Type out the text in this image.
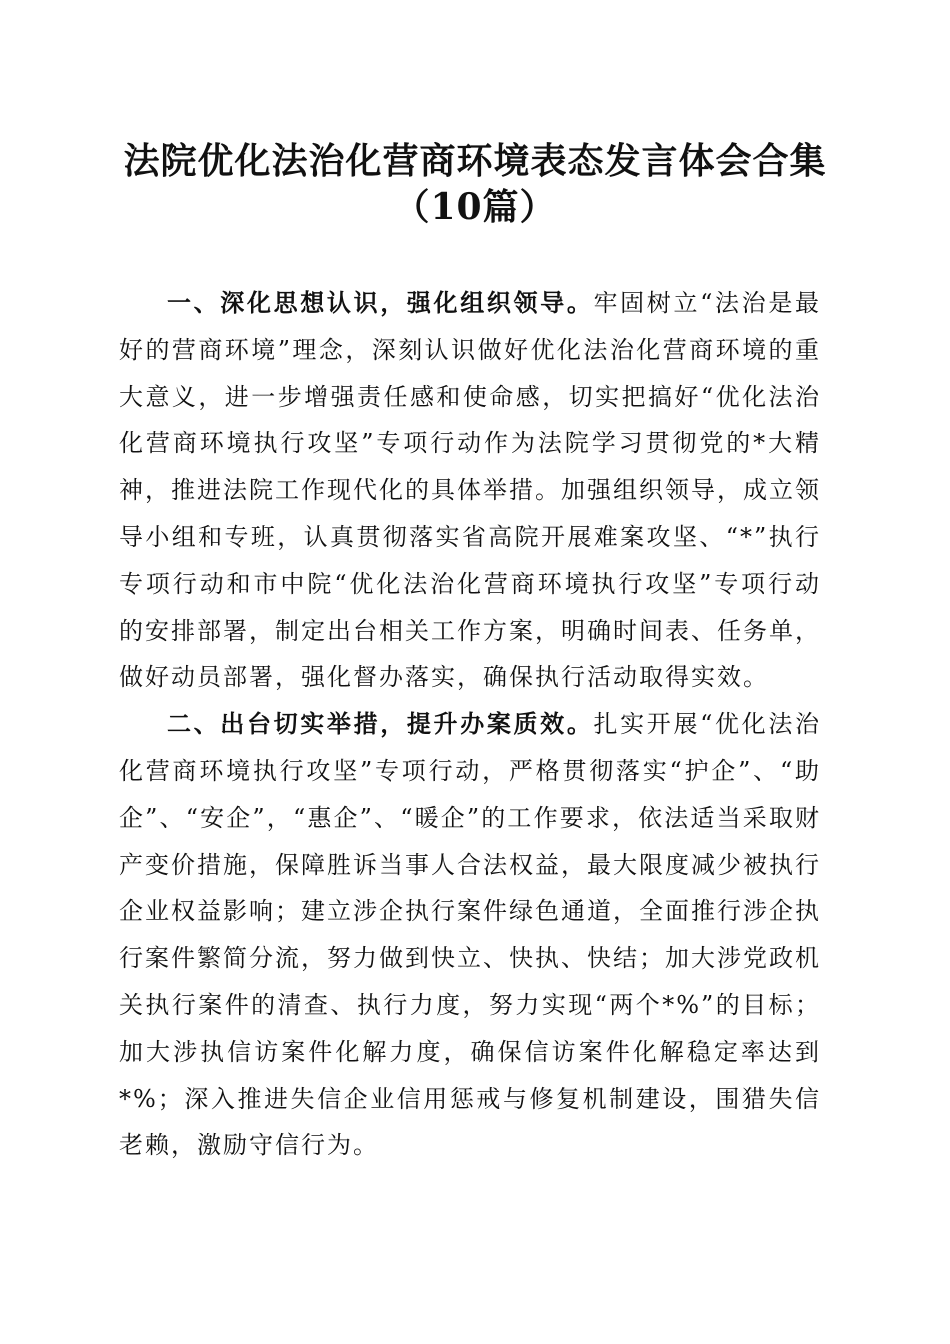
法院优化法治化营商环境表态发言体会合集
（10篇）

一、深化思想认识，强化组织领导。牢固树立“法治是最好的营商环境”理念，深刻认识做好优化法治化营商环境的重大意义，进一步增强责任感和使命感，切实把搞好“优化法治化营商环境执行攻坚”专项行动作为法院学习贯彻党的*大精神，推进法院工作现代化的具体举措。加强组织领导，成立领导小组和专班，认真贯彻落实省高院开展难案攻坚、“*”执行专项行动和市中院“优化法治化营商环境执行攻坚”专项行动的安排部署，制定出台相关工作方案，明确时间表、任务单，做好动员部署，强化督办落实，确保执行活动取得实效。

二、出台切实举措，提升办案质效。扎实开展“优化法治化营商环境执行攻坚”专项行动，严格贯彻落实“护企”、“助企”、“安企”，“惠企”、“暖企”的工作要求，依法适当采取财产变价措施，保障胜诉当事人合法权益，最大限度减少被执行企业权益影响；建立涉企执行案件绿色通道，全面推行涉企执行案件繁简分流，努力做到快立、快执、快结；加大涉党政机关执行案件的清查、执行力度，努力实现“两个*%”的目标；加大涉执信访案件化解力度，确保信访案件化解稳定率达到*%；深入推进失信企业信用惩戒与修复机制建设，围猎失信老赖，激励守信行为。
